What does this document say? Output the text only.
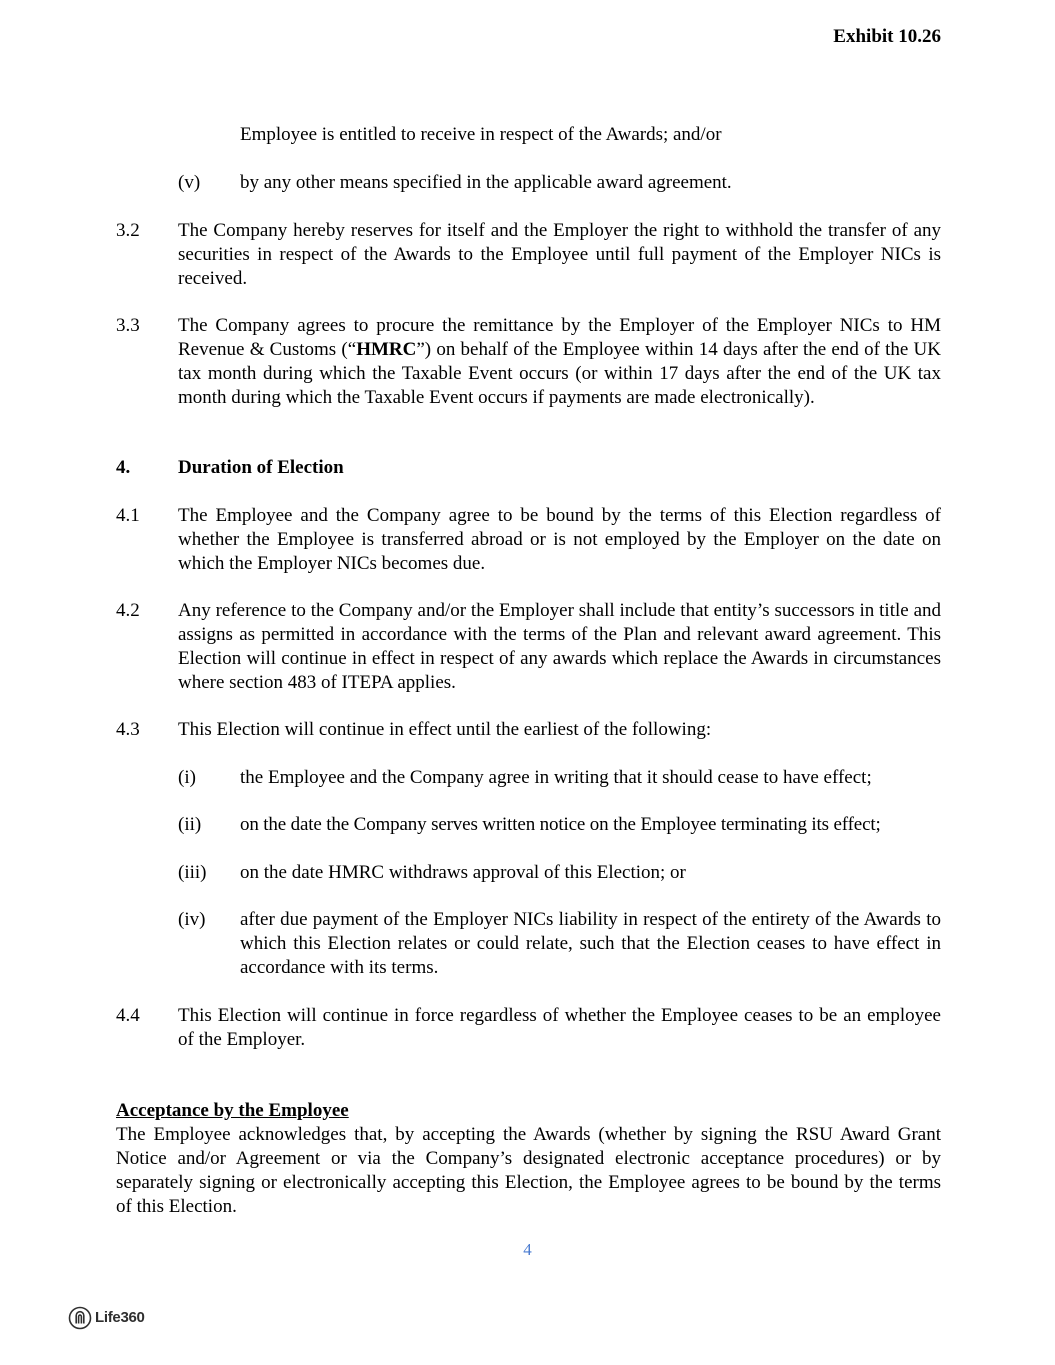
Exhibit 10.26
Employee is entitled to receive in respect of the Awards; and/or
(v) by any other means specified in the applicable award agreement.
3.2 The Company hereby reserves for itself and the Employer the right to withhold the transfer of any securities in respect of the Awards to the Employee until full payment of the Employer NICs is received.
3.3 The Company agrees to procure the remittance by the Employer of the Employer NICs to HM Revenue & Customs (“HMRC”) on behalf of the Employee within 14 days after the end of the UK tax month during which the Taxable Event occurs (or within 17 days after the end of the UK tax month during which the Taxable Event occurs if payments are made electronically).
4.	Duration of Election
4.1 The Employee and the Company agree to be bound by the terms of this Election regardless of whether the Employee is transferred abroad or is not employed by the Employer on the date on which the Employer NICs becomes due.
4.2 Any reference to the Company and/or the Employer shall include that entity’s successors in title and assigns as permitted in accordance with the terms of the Plan and relevant award agreement. This Election will continue in effect in respect of any awards which replace the Awards in circumstances where section 483 of ITEPA applies.
4.3 This Election will continue in effect until the earliest of the following:
(i) the Employee and the Company agree in writing that it should cease to have effect;
(ii) on the date the Company serves written notice on the Employee terminating its effect;
(iii) on the date HMRC withdraws approval of this Election; or
(iv) after due payment of the Employer NICs liability in respect of the entirety of the Awards to which this Election relates or could relate, such that the Election ceases to have effect in accordance with its terms.
4.4 This Election will continue in force regardless of whether the Employee ceases to be an employee of the Employer.
Acceptance by the Employee
The Employee acknowledges that, by accepting the Awards (whether by signing the RSU Award Grant Notice and/or Agreement or via the Company’s designated electronic acceptance procedures) or by separately signing or electronically accepting this Election, the Employee agrees to be bound by the terms of this Election.
4
Life360
